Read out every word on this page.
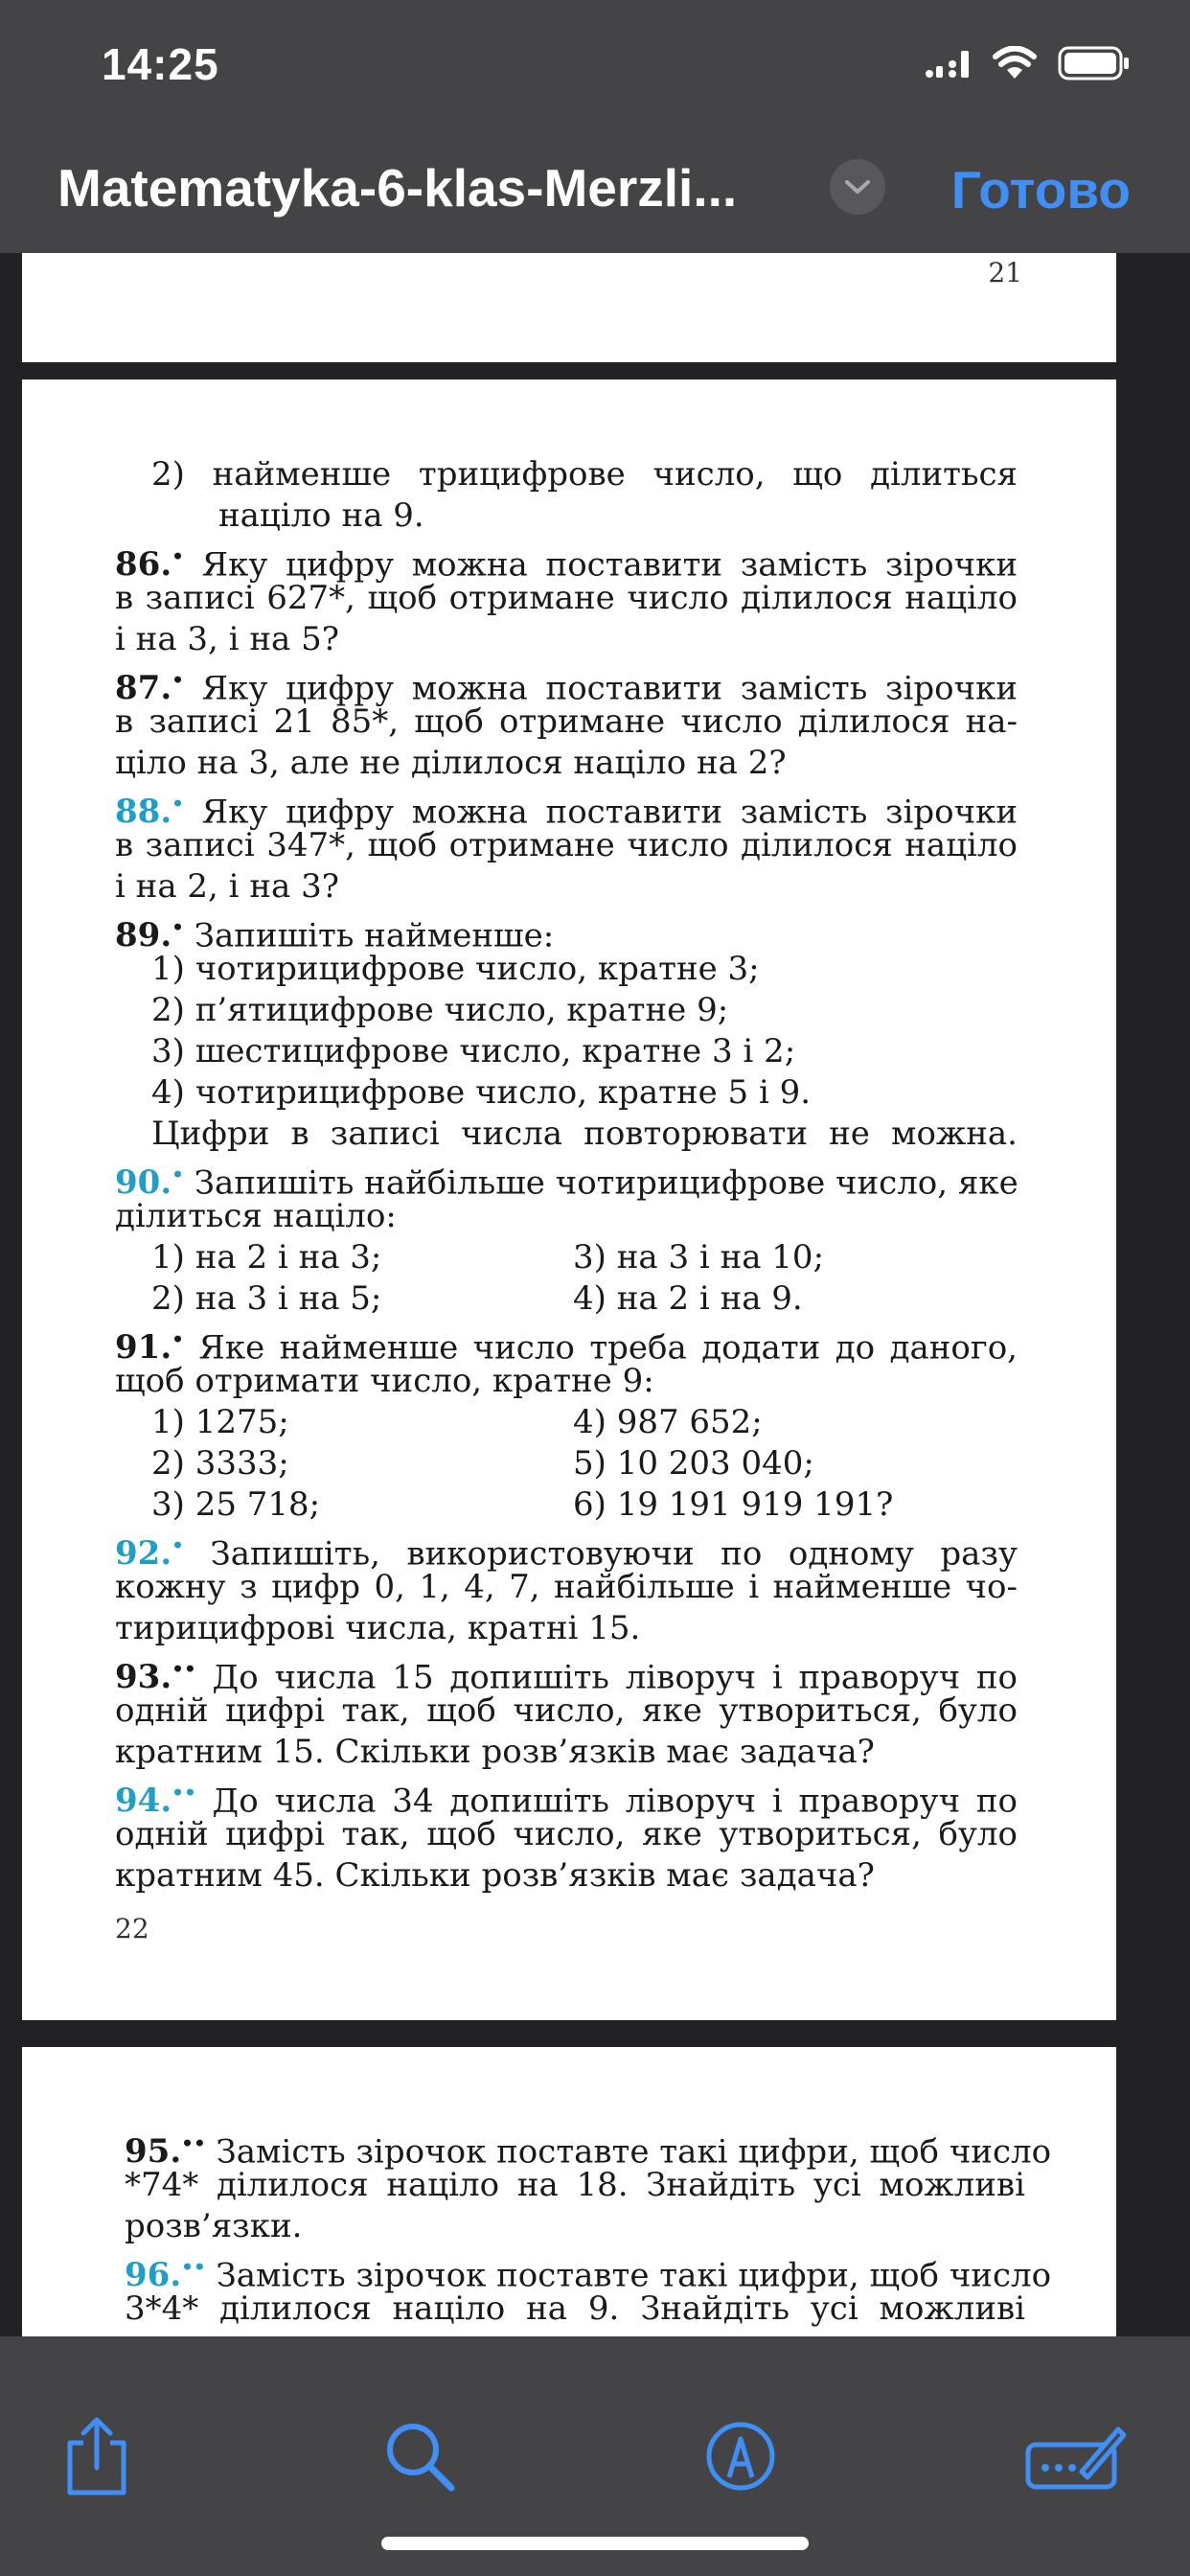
14:25
Matematyka-6-klas-Merzli...	Готово
21
2) найменше трицифрове число, що ділиться
націло на 9.
86.• Яку цифру можна поставити замість зірочки
в записі 627*, щоб отримане число ділилося націло
і на 3, і на 5?
87.• Яку цифру можна поставити замість зірочки
в записі 21 85*, щоб отримане число ділилося на-
ціло на 3, але не ділилося націло на 2?
88.• Яку цифру можна поставити замість зірочки
в записі 347*, щоб отримане число ділилося націло
і на 2, і на 3?
89.• Запишіть найменше:
1) чотирицифрове число, кратне 3;
2) п’ятицифрове число, кратне 9;
3) шестицифрове число, кратне 3 і 2;
4) чотирицифрове число, кратне 5 і 9.
Цифри в записі числа повторювати не можна.
90.• Запишіть найбільше чотирицифрове число, яке
ділиться націло:
1) на 2 і на 3;	3) на 3 і на 10;
2) на 3 і на 5;	4) на 2 і на 9.
91.• Яке найменше число треба додати до даного,
щоб отримати число, кратне 9:
1) 1275;	4) 987 652;
2) 3333;	5) 10 203 040;
3) 25 718;	6) 19 191 919 191?
92.• Запишіть, використовуючи по одному разу
кожну з цифр 0, 1, 4, 7, найбільше і найменше чо-
тирицифрові числа, кратні 15.
93.•• До числа 15 допишіть ліворуч і праворуч по
одній цифрі так, щоб число, яке утвориться, було
кратним 15. Скільки розв’язків має задача?
94.•• До числа 34 допишіть ліворуч і праворуч по
одній цифрі так, щоб число, яке утвориться, було
кратним 45. Скільки розв’язків має задача?
22
95.•• Замість зірочок поставте такі цифри, щоб число
*74* ділилося націло на 18. Знайдіть усі можливі
розв’язки.
96.•• Замість зірочок поставте такі цифри, щоб число
3*4* ділилося націло на 9. Знайдіть усі можливі
